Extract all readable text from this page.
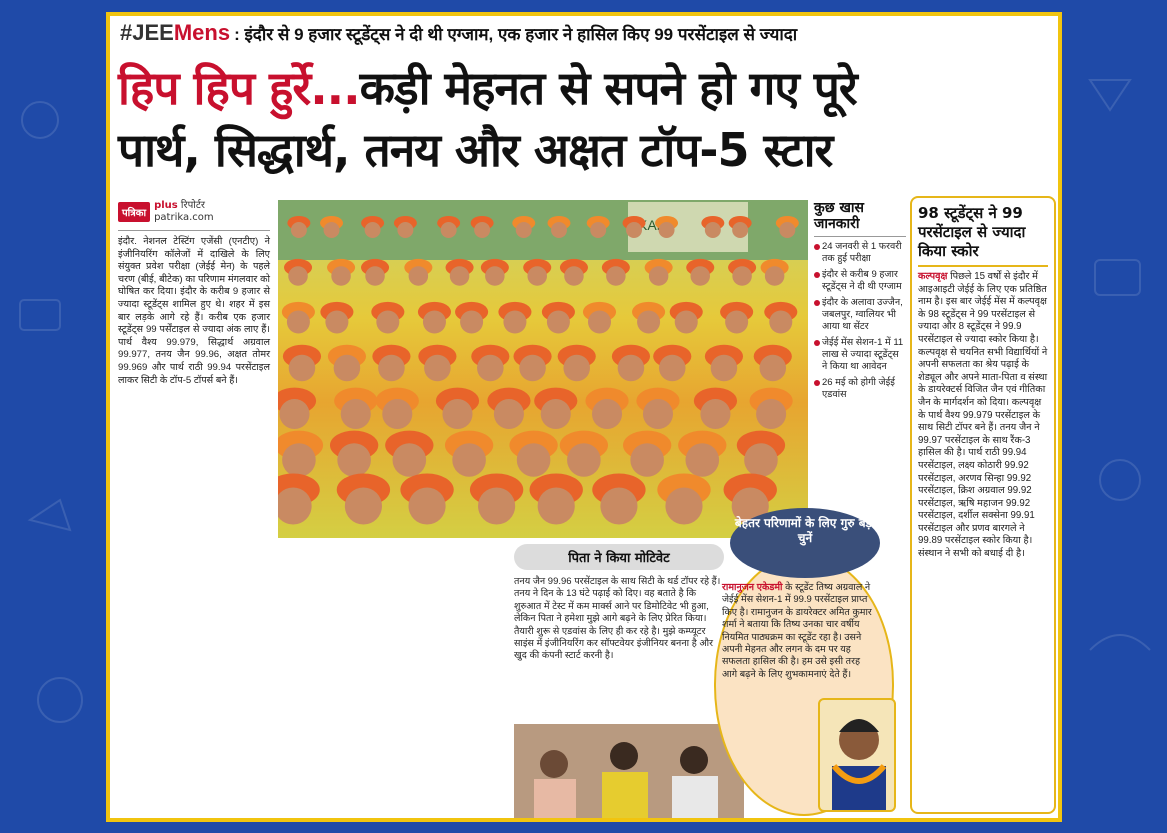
#JEEMens : इंदौर से 9 हजार स्टूडेंट्स ने दी थी एग्जाम, एक हजार ने हासिल किए 99 परसेंटाइल से ज्यादा
हिप हिप हुर्रे...कड़ी मेहनत से सपने हो गए पूरे
पार्थ, सिद्धार्थ, तनय और अक्षत टॉप-5 स्टार
पत्रिका
plus रिपोर्टर
patrika.com

इंदौर. नेशनल टेस्टिंग एजेंसी (एनटीए) ने इंजीनियरिंग कॉलेजों में दाखिले के लिए संयुक्त प्रवेश परीक्षा (जेईई मेन) के पहले चरण (बीई, बीटेक) का परिणाम मंगलवार को घोषित कर दिया। इंदौर के करीब 9 हजार से ज्यादा स्टूडेंट्स शामिल हुए थे। शहर में इस बार लड़के आगे रहे हैं। करीब एक हजार स्टूडेंट्स 99 पर्सेंटाइल से ज्यादा अंक लाए हैं। पार्थ वैश्य 99.979, सिद्धार्थ अग्रवाल 99.977, तनय जैन 99.96, अक्षत तोमर 99.969 और पार्थ राठी 99.94 परसेंटाइल लाकर सिटी के टॉप-5 टॉपर्स बने हैं।

कुछ खास जानकारी
24 जनवरी से 1 फरवरी तक हुई परीक्षा
इंदौर से करीब 9 हजार स्टूडेंट्स ने दी थी एग्जाम
इंदौर के अलावा उज्जैन, जबलपुर, ग्वालियर भी आया था सेंटर
जेईई मेंस सेशन-1 में 11 लाख से ज्यादा स्टूडेंट्स ने किया था आवेदन
26 मई को होगी जेईई एडवांस
98 स्टूडेंट्स ने 99 परसेंटाइल से ज्यादा किया स्कोर

कल्पवृक्ष पिछले 15 वर्षों से इंदौर में आइआइटी जेईई के लिए एक प्रतिष्ठित नाम है। इस बार जेईई मेंस में कल्पवृक्ष के 98 स्टूडेंट्स ने 99 परसेंटाइल से ज्यादा और 8 स्टूडेंट्स ने 99.9 परसेंटाइल से ज्यादा स्कोर किया है। कल्पवृक्ष से चयनित सभी विद्यार्थियों ने अपनी सफलता का श्रेय पढ़ाई के शेड्यूल और अपने माता-पिता व संस्था के डायरेक्टर्स विजित जैन एवं गीतिका जैन के मार्गदर्शन को दिया। कल्पवृक्ष के पार्थ वैश्य 99.979 परसेंटाइल के साथ सिटी टॉपर बने हैं। तनय जैन ने 99.97 परसेंटाइल के साथ रैंक-3 हासिल की है। पार्थ राठी 99.94 परसेंटाइल, लक्ष्य कोठारी 99.92 परसेंटाइल, अरणव सिन्हा 99.92 परसेंटाइल, क्रिश अग्रवाल 99.92 परसेंटाइल, ऋषि महाजन 99.92 परसेंटाइल, दर्शील सक्सेना 99.91 परसेंटाइल और प्रणव बारगले ने 99.89 परसेंटाइल स्कोर किया है। संस्थान ने सभी को बधाई दी है।

पिता ने किया मोटिवेट

तनय जैन 99.96 परसेंटाइल के साथ सिटी के थर्ड टॉपर रहे हैं। तनय ने दिन के 13 घंटे पढ़ाई को दिए। वह बताते है कि शुरुआत में टेस्ट में कम मार्क्स आने पर डिमोटिवेट भी हुआ, लेकिन पिता ने हमेशा मुझे आगे बढ़ने के लिए प्रेरित किया। तैयारी शुरू से एडवांस के लिए ही कर रहे है। मुझे कम्प्यूटर साइंस में इंजीनियरिंग कर सॉफ्टवेयर इंजीनियर बनना है और खुद की कंपनी स्टार्ट करनी है।

बेहतर परिणामों के लिए गुरु बड़ा चुनें

रामानुजन एकेडमी के स्टूडेंट तिष्य अग्रवाल ने जेईई मेंस सेशन-1 में 99.9 परसेंटाइल प्राप्त किए है। रामानुजन के डायरेक्टर अमित कुमार शर्मा ने बताया कि तिष्य उनका चार वर्षीय नियमित पाठ्यक्रम का स्टूडेंट रहा है। उसने अपनी मेहनत और लगन के दम पर यह सफलता हासिल की है। हम उसे इसी तरह आगे बढ़ने के लिए शुभकामनाएं देते हैं।
